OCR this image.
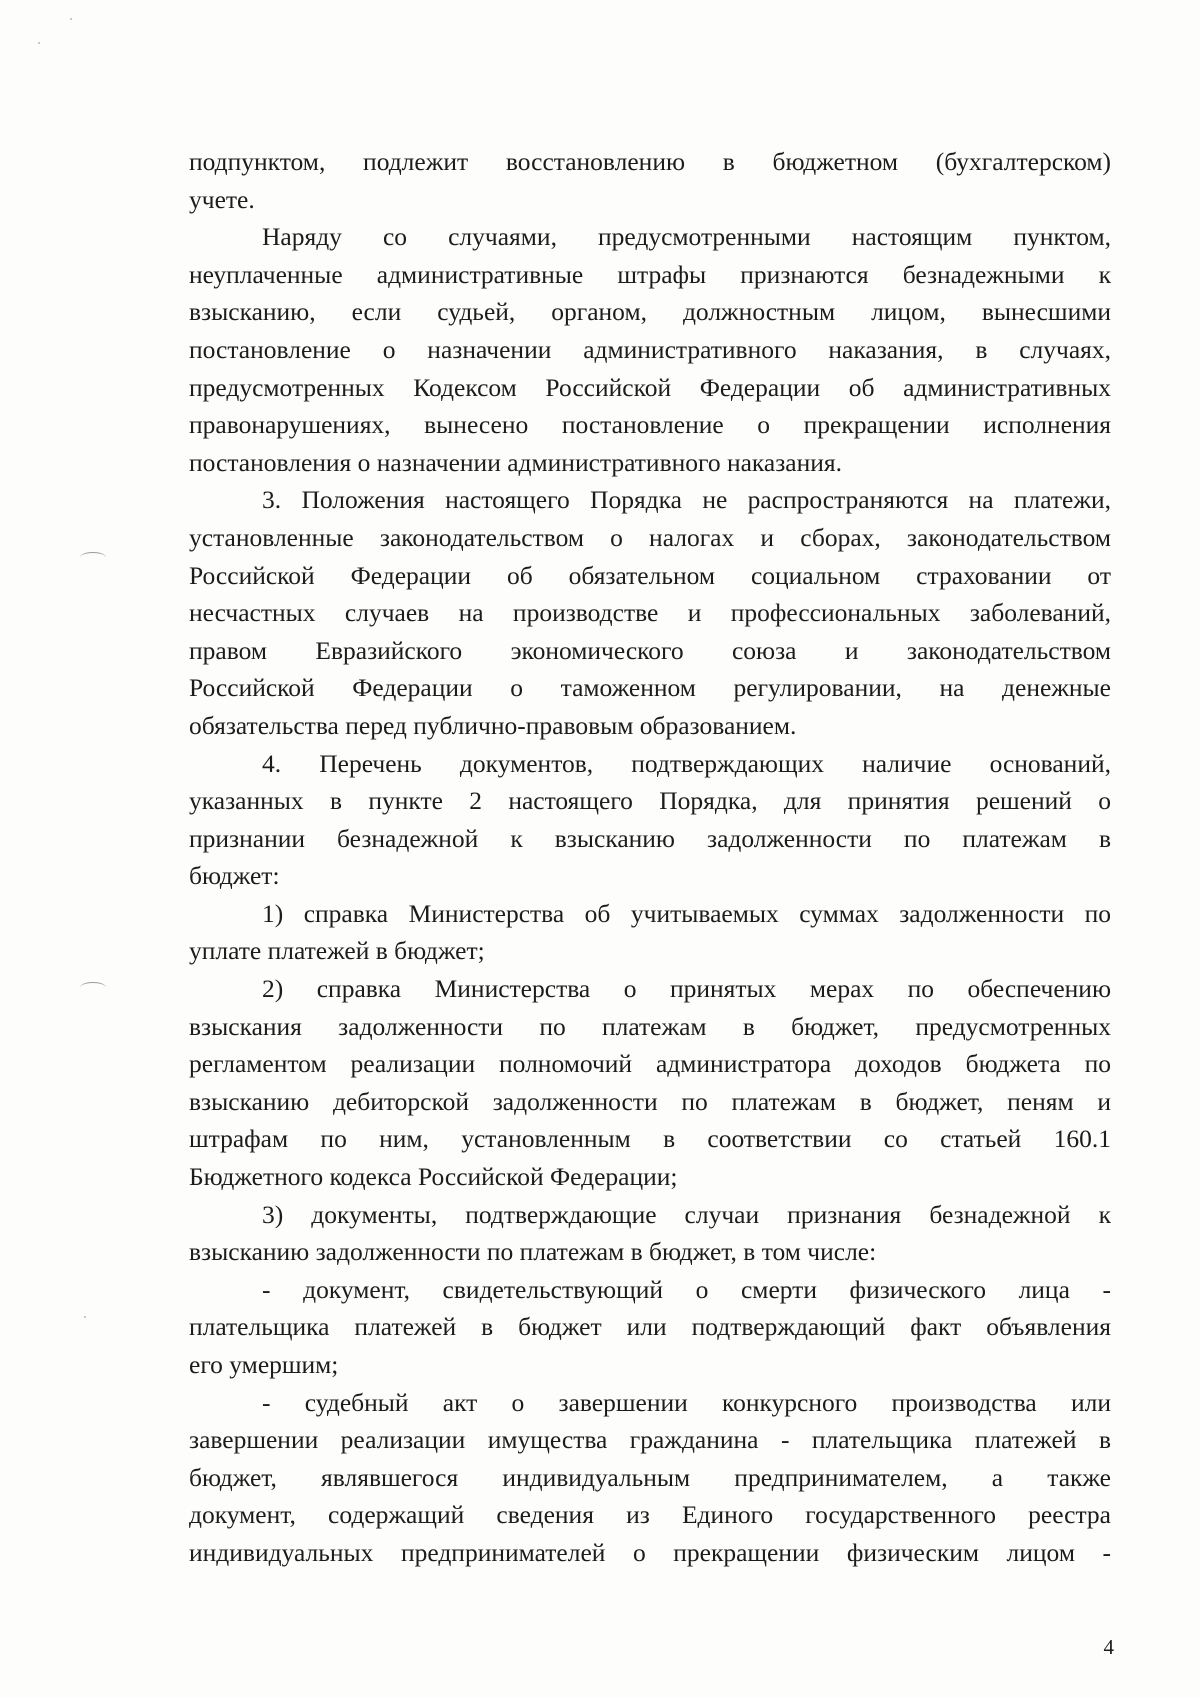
подпунктом, подлежит восстановлению в бюджетном (бухгалтерском)
учете.
Наряду со случаями, предусмотренными настоящим пунктом,
неуплаченные административные штрафы признаются безнадежными к
взысканию, если судьей, органом, должностным лицом, вынесшими
постановление о назначении административного наказания, в случаях,
предусмотренных Кодексом Российской Федерации об административных
правонарушениях, вынесено постановление о прекращении исполнения
постановления о назначении административного наказания.
3. Положения настоящего Порядка не распространяются на платежи,
установленные законодательством о налогах и сборах, законодательством
Российской Федерации об обязательном социальном страховании от
несчастных случаев на производстве и профессиональных заболеваний,
правом Евразийского экономического союза и законодательством
Российской Федерации о таможенном регулировании, на денежные
обязательства перед публично-правовым образованием.
4. Перечень документов, подтверждающих наличие оснований,
указанных в пункте 2 настоящего Порядка, для принятия решений о
признании безнадежной к взысканию задолженности по платежам в
бюджет:
1) справка Министерства об учитываемых суммах задолженности по
уплате платежей в бюджет;
2) справка Министерства о принятых мерах по обеспечению
взыскания задолженности по платежам в бюджет, предусмотренных
регламентом реализации полномочий администратора доходов бюджета по
взысканию дебиторской задолженности по платежам в бюджет, пеням и
штрафам по ним, установленным в соответствии со статьей 160.1
Бюджетного кодекса Российской Федерации;
3) документы, подтверждающие случаи признания безнадежной к
взысканию задолженности по платежам в бюджет, в том числе:
- документ, свидетельствующий о смерти физического лица -
плательщика платежей в бюджет или подтверждающий факт объявления
его умершим;
- судебный акт о завершении конкурсного производства или
завершении реализации имущества гражданина - плательщика платежей в
бюджет, являвшегося индивидуальным предпринимателем, а также
документ, содержащий сведения из Единого государственного реестра
индивидуальных предпринимателей о прекращении физическим лицом -
4
